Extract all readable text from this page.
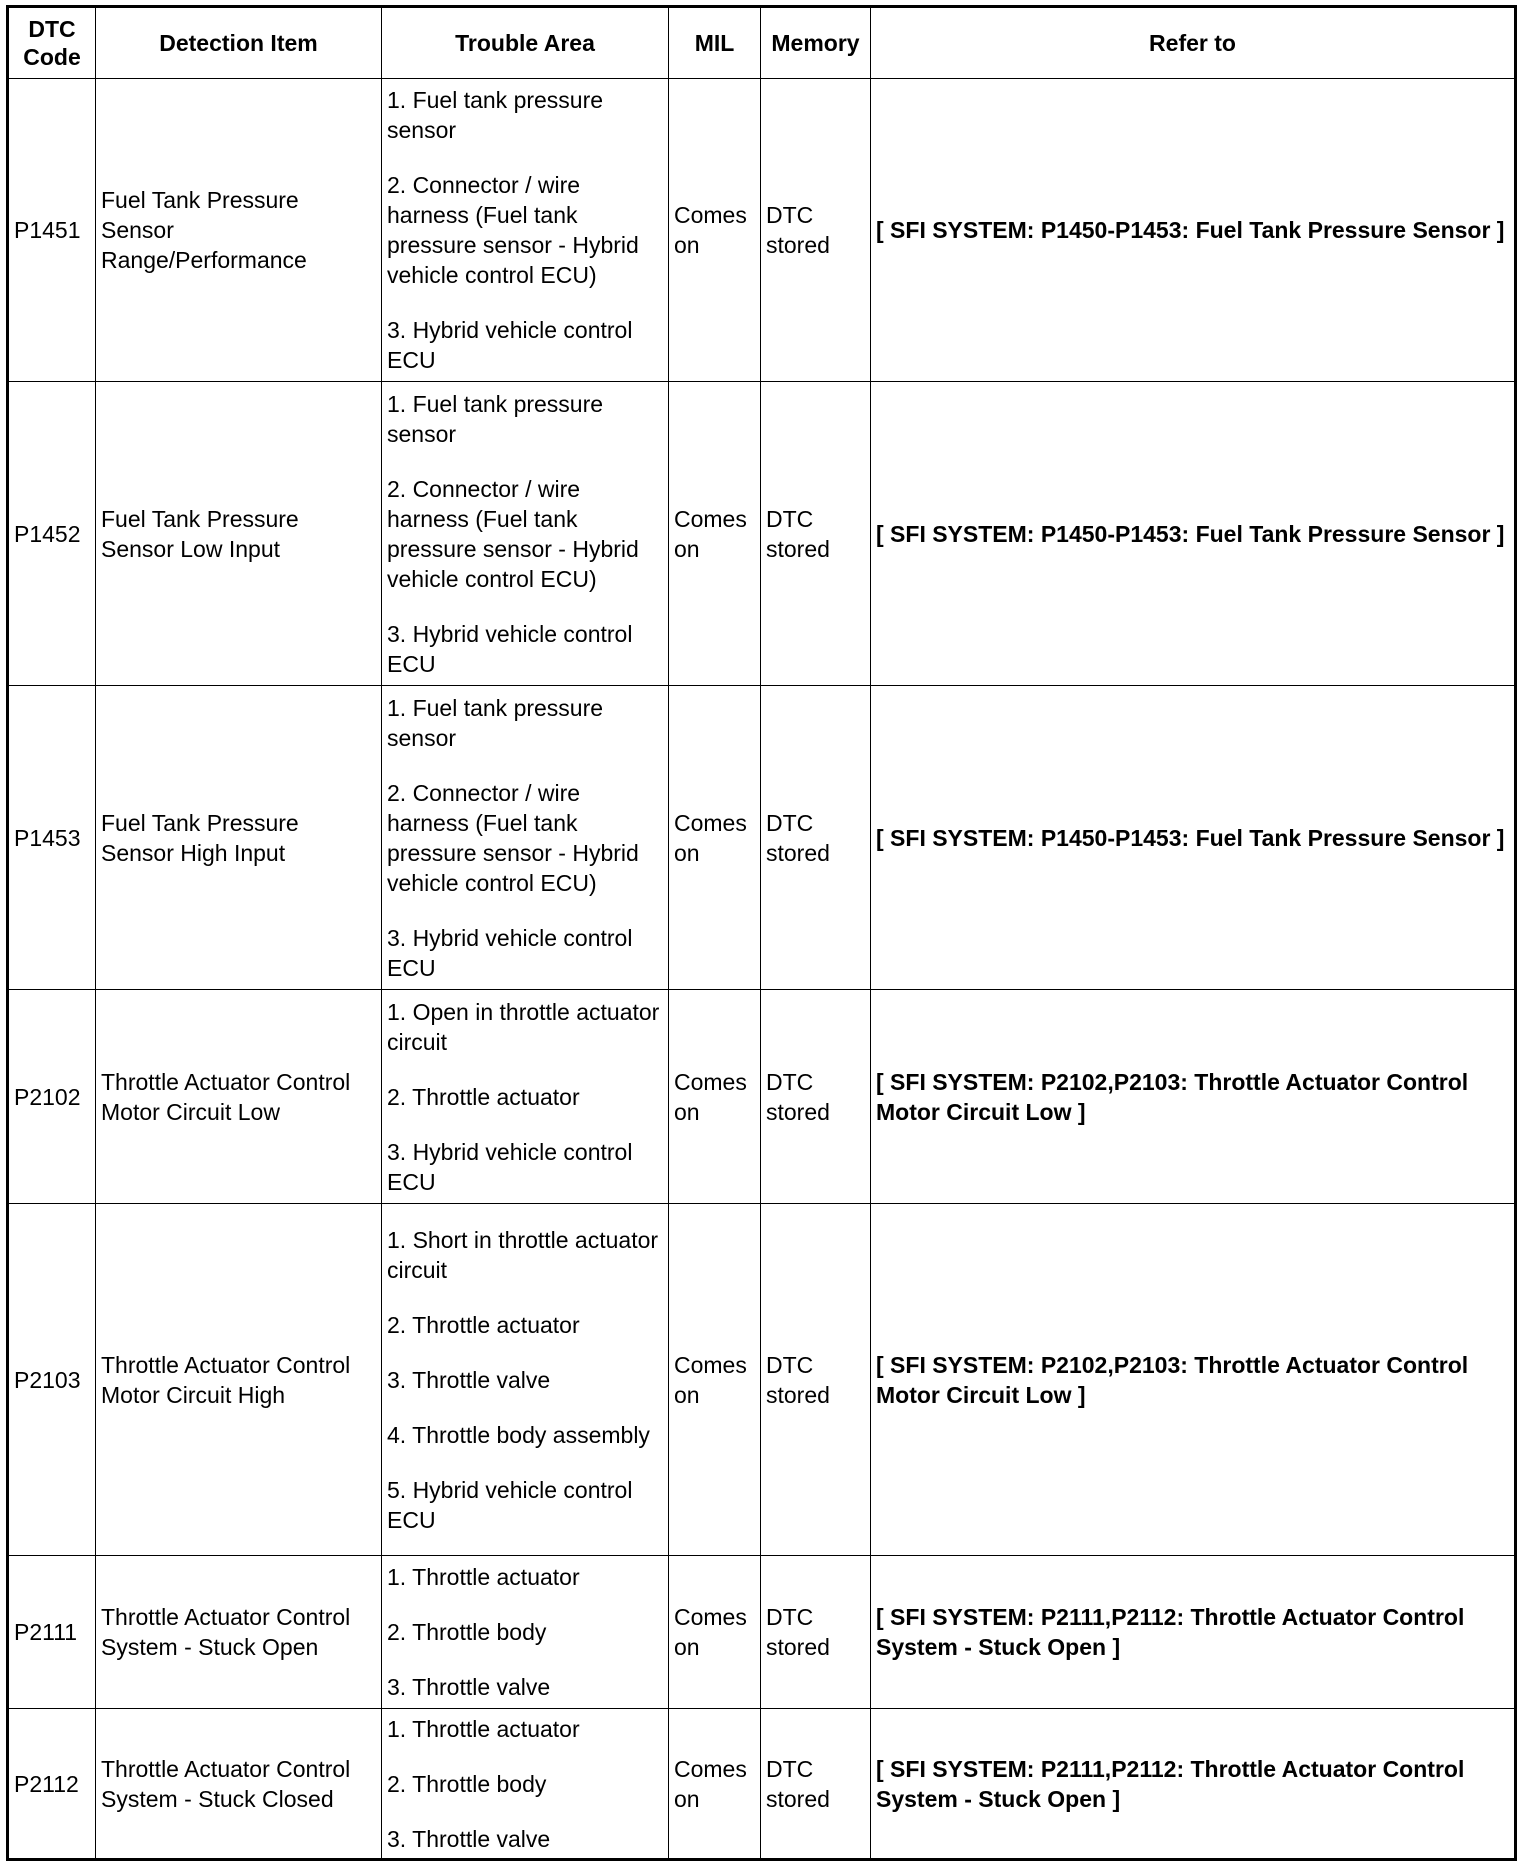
DTC
Code	Detection Item	Trouble Area	MIL	Memory	Refer to
P1451	Fuel Tank Pressure Sensor Range/Performance	1. Fuel tank pressure sensor
2. Connector / wire harness (Fuel tank pressure sensor - Hybrid vehicle control ECU)
3. Hybrid vehicle control ECU	Comes on	DTC stored	[ SFI SYSTEM: P1450-P1453: Fuel Tank Pressure Sensor ]
P1452	Fuel Tank Pressure Sensor Low Input	1. Fuel tank pressure sensor
2. Connector / wire harness (Fuel tank pressure sensor - Hybrid vehicle control ECU)
3. Hybrid vehicle control ECU	Comes on	DTC stored	[ SFI SYSTEM: P1450-P1453: Fuel Tank Pressure Sensor ]
P1453	Fuel Tank Pressure Sensor High Input	1. Fuel tank pressure sensor
2. Connector / wire harness (Fuel tank pressure sensor - Hybrid vehicle control ECU)
3. Hybrid vehicle control ECU	Comes on	DTC stored	[ SFI SYSTEM: P1450-P1453: Fuel Tank Pressure Sensor ]
P2102	Throttle Actuator Control Motor Circuit Low	1. Open in throttle actuator circuit
2. Throttle actuator
3. Hybrid vehicle control ECU	Comes on	DTC stored	[ SFI SYSTEM: P2102,P2103: Throttle Actuator Control Motor Circuit Low ]
P2103	Throttle Actuator Control Motor Circuit High	1. Short in throttle actuator circuit
2. Throttle actuator
3. Throttle valve
4. Throttle body assembly
5. Hybrid vehicle control ECU	Comes on	DTC stored	[ SFI SYSTEM: P2102,P2103: Throttle Actuator Control Motor Circuit Low ]
P2111	Throttle Actuator Control System - Stuck Open	1. Throttle actuator
2. Throttle body
3. Throttle valve	Comes on	DTC stored	[ SFI SYSTEM: P2111,P2112: Throttle Actuator Control System - Stuck Open ]
P2112	Throttle Actuator Control System - Stuck Closed	1. Throttle actuator
2. Throttle body
3. Throttle valve	Comes on	DTC stored	[ SFI SYSTEM: P2111,P2112: Throttle Actuator Control System - Stuck Open ]
